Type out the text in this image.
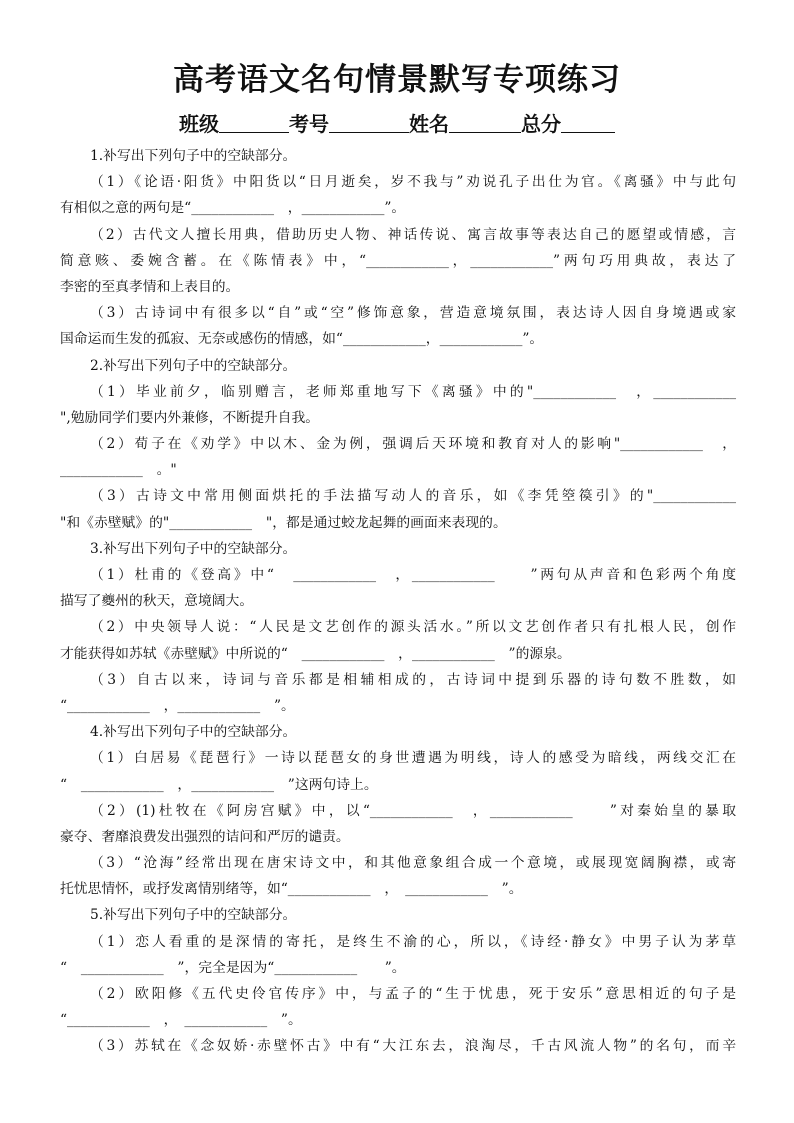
高考语文名句情景默写专项练习
班级	考号	姓名	总分
1.补写出下列句子中的空缺部分。
（1）《论语·阳货》中阳货以“日月逝矣，岁不我与”劝说孔子出仕为官。《离骚》中与此句
有相似之意的两句是“____________　，____________”。
（2）古代文人擅长用典，借助历史人物、神话传说、寓言故事等表达自己的愿望或情感，言
简意赅、委婉含蓄。在《陈情表》中，“____________，____________”两句巧用典故，表达了
李密的至真孝情和上表目的。
（3）古诗词中有很多以“自”或“空”修饰意象，营造意境氛围，表达诗人因自身境遇或家
国命运而生发的孤寂、无奈或感伤的情感，如“____________，____________”。
2.补写出下列句子中的空缺部分。
（1）毕业前夕，临别赠言，老师郑重地写下《离骚》中的"____________　，____________
",勉励同学们要内外兼修，不断提升自我。
（2）荀子在《劝学》中以木、金为例，强调后天环境和教育对人的影响"____________　，
____________　。"
（3）古诗文中常用侧面烘托的手法描写动人的音乐，如《李凭箜篌引》的"____________
"和《赤壁赋》的"____________　"，都是通过蛟龙起舞的画面来表现的。
3.补写出下列句子中的空缺部分。
（1）杜甫的《登高》中“　____________　，____________　　”两句从声音和色彩两个角度
描写了夔州的秋天，意境阔大。
（2）中央领导人说：“人民是文艺创作的源头活水。”所以文艺创作者只有扎根人民，创作
才能获得如苏轼《赤壁赋》中所说的“　____________　，____________　”的源泉。
（3）自古以来，诗词与音乐都是相辅相成的，古诗词中提到乐器的诗句数不胜数，如
“____________　，____________　”。
4.补写出下列句子中的空缺部分。
（1）白居易《琵琶行》一诗以琵琶女的身世遭遇为明线，诗人的感受为暗线，两线交汇在
“　____________　，____________　”这两句诗上。
（2）(1)杜牧在《阿房宫赋》中，以“____________　，____________　　”对秦始皇的暴取
豪夺、奢靡浪费发出强烈的诘问和严厉的谴责。
（3）“沧海”经常出现在唐宋诗文中，和其他意象组合成一个意境，或展现宽阔胸襟，或寄
托忧思情怀，或抒发离情别绪等，如“____________　，　____________　”。
5.补写出下列句子中的空缺部分。
（1）恋人看重的是深情的寄托，是终生不渝的心，所以，《诗经·静女》中男子认为茅草
“　____________　”，完全是因为“____________　　”。
（2）欧阳修《五代史伶官传序》中，与孟子的“生于忧患，死于安乐”意思相近的句子是
“____________　，　____________　”。
（3）苏轼在《念奴娇·赤壁怀古》中有“大江东去，浪淘尽，千古风流人物”的名句，而辛
